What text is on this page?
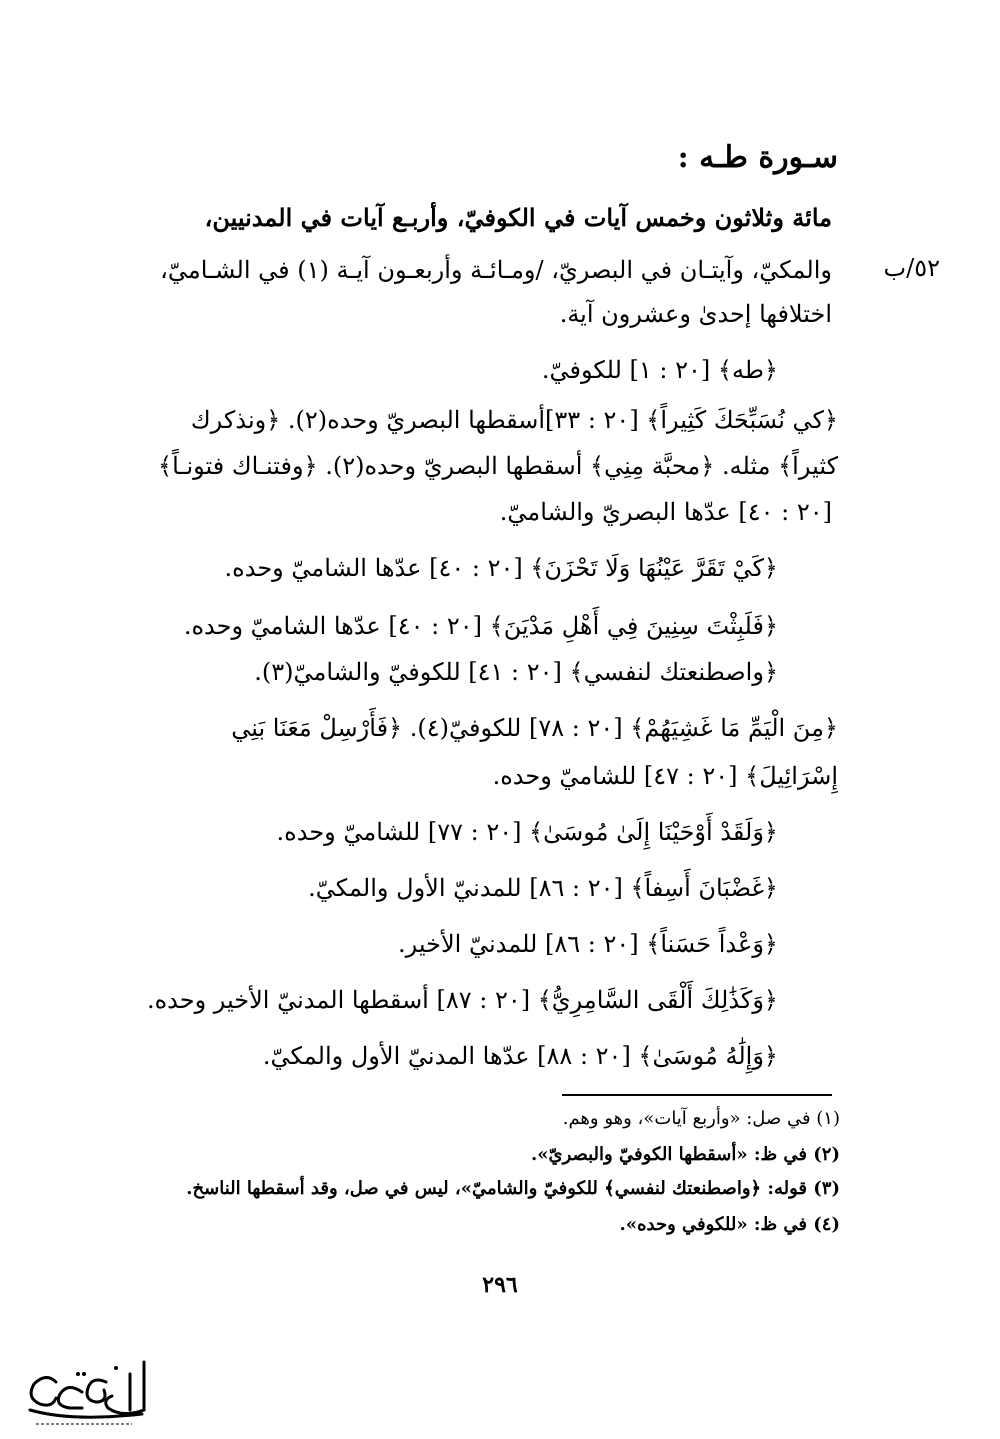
سـورة طـه :
٥٢/ب
مائة وثلاثون وخمس آيات في الكوفيّ، وأربـع آيات في المدنيين،
والمكيّ، وآيتـان في البصريّ، /ومـائـة وأربعـون آيـة (١) في الشـاميّ،
اختلافها إحدىٰ وعشرون آية.
﴿طه﴾ [٢٠ : ١] للكوفيّ.
﴿كي نُسَبِّحَكَ كَثِيراً﴾ [٢٠ : ٣٣]أسقطها البصريّ وحده(٢). ﴿ونذكرك
كثيراً﴾ مثله. ﴿محبَّة مِنِي﴾ أسقطها البصريّ وحده(٢). ﴿وفتنـاك فتونـاً﴾
[٢٠ : ٤٠] عدّها البصريّ والشاميّ.
﴿كَيْ تَقَرَّ عَيْنُهَا وَلَا تَحْزَنَ﴾ [٢٠ : ٤٠] عدّها الشاميّ وحده.
﴿فَلَبِثْتَ سِنِينَ فِي أَهْلِ مَدْيَنَ﴾ [٢٠ : ٤٠] عدّها الشاميّ وحده.
﴿واصطنعتك لنفسي﴾ [٢٠ : ٤١] للكوفيّ والشاميّ(٣).
﴿مِنَ الْيَمِّ مَا غَشِيَهُمْ﴾ [٢٠ : ٧٨] للكوفيّ(٤). ﴿فَأَرْسِلْ مَعَنَا بَنِي
إِسْرَائِيلَ﴾ [٢٠ : ٤٧] للشاميّ وحده.
﴿وَلَقَدْ أَوْحَيْنَا إِلَىٰ مُوسَىٰ﴾ [٢٠ : ٧٧] للشاميّ وحده.
﴿غَضْبَانَ أَسِفاً﴾ [٢٠ : ٨٦] للمدنيّ الأول والمكيّ.
﴿وَعْداً حَسَناً﴾ [٢٠ : ٨٦] للمدنيّ الأخير.
﴿وَكَذَٰلِكَ أَلْقَى السَّامِرِيُّ﴾ [٢٠ : ٨٧] أسقطها المدنيّ الأخير وحده.
﴿وَإِلَٰهُ مُوسَىٰ﴾ [٢٠ : ٨٨] عدّها المدنيّ الأول والمكيّ.
(١) في صل: «وأربع آيات»، وهو وهم.
(٢) في ظ: «أسقطها الكوفيّ والبصريّ».
(٣) قوله: ﴿واصطنعتك لنفسي﴾ للكوفيّ والشاميّ»، ليس في صل، وقد أسقطها الناسخ.
(٤) في ظ: «للكوفي وحده».
٢٩٦
